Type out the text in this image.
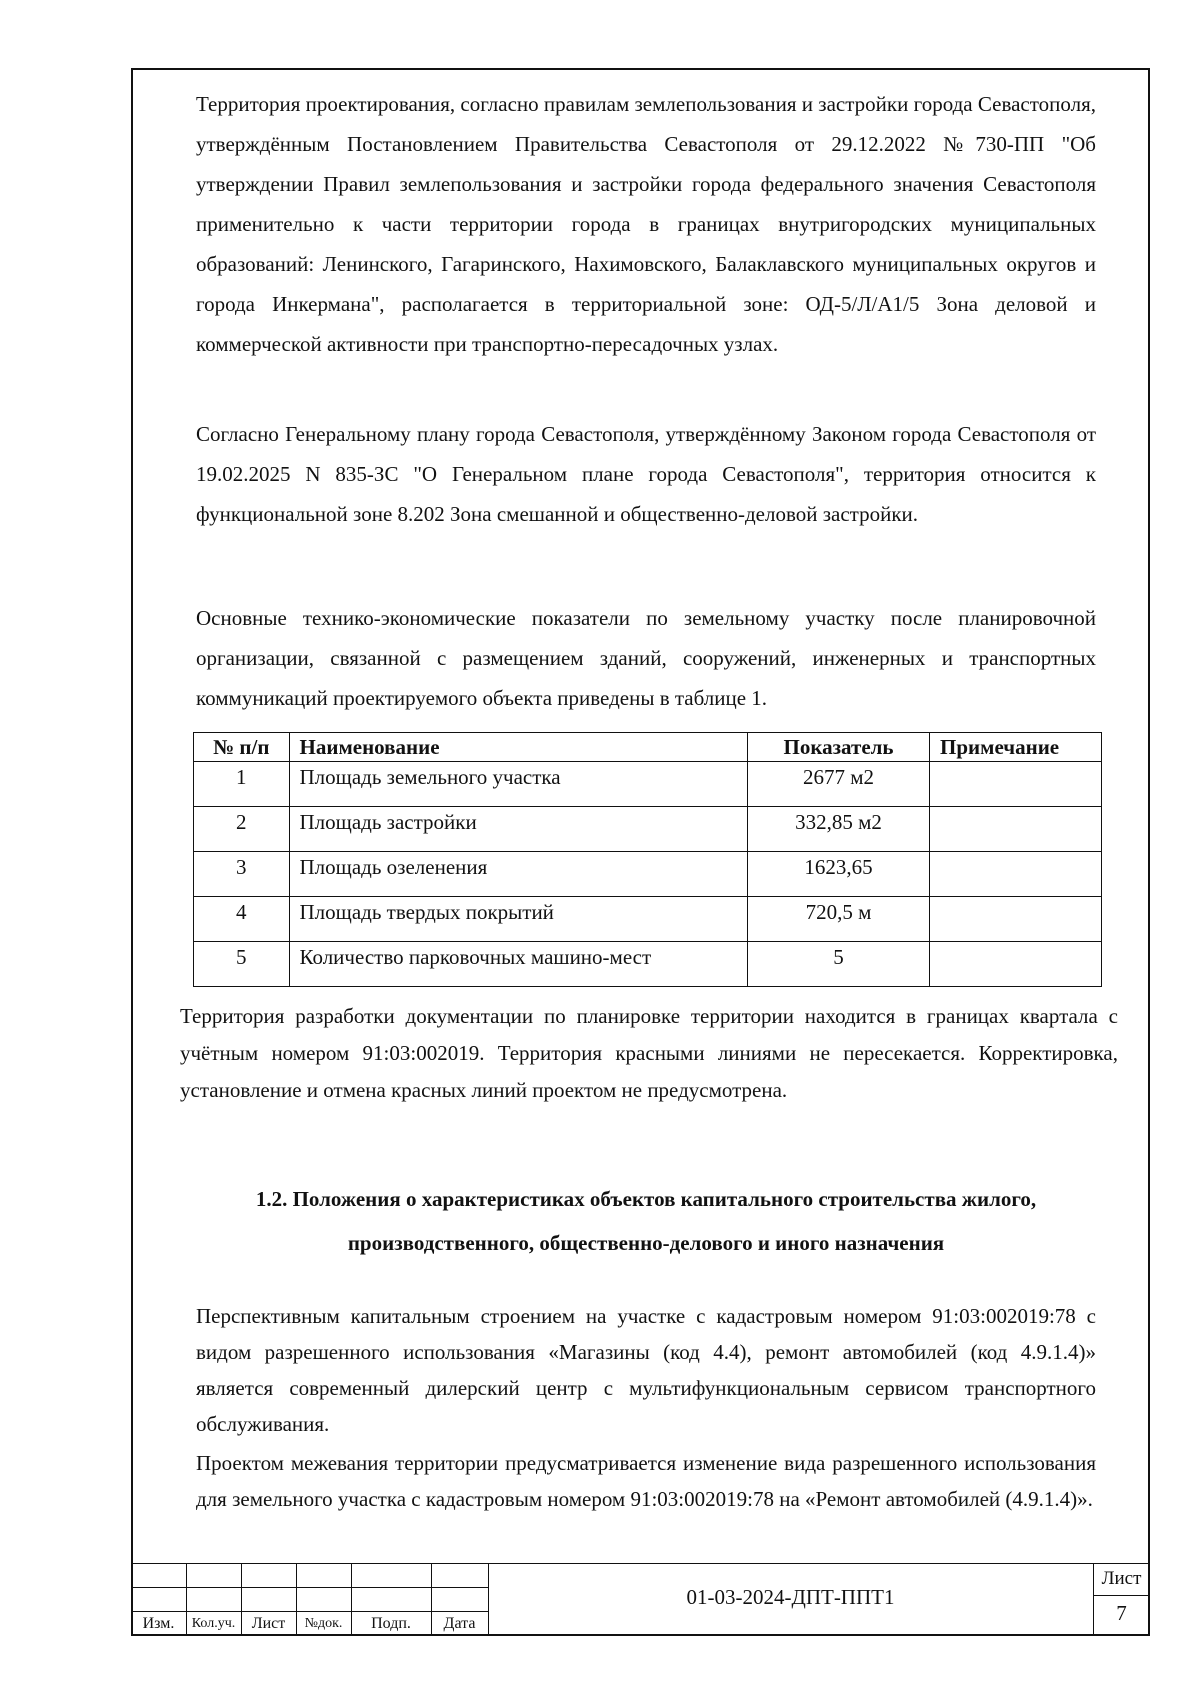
Территория проектирования, согласно правилам землепользования и застройки города Севастополя, утверждённым Постановлением Правительства Севастополя от 29.12.2022 №730-ПП "Об утверждении Правил землепользования и застройки города федерального значения Севастополя применительно к части территории города в границах внутригородских муниципальных образований: Ленинского, Гагаринского, Нахимовского, Балаклавского муниципальных округов и города Инкермана", располагается в территориальной зоне: ОД-5/Л/А1/5 Зона деловой и коммерческой активности при транспортно-пересадочных узлах.

Согласно Генеральному плану города Севастополя, утверждённому Законом города Севастополя от 19.02.2025 N 835-ЗС "О Генеральном плане города Севастополя", территория относится к функциональной зоне 8.202 Зона смешанной и общественно-деловой застройки.

Основные технико-экономические показатели по земельному участку после планировочной организации, связанной с размещением зданий, сооружений, инженерных и транспортных коммуникаций проектируемого объекта приведены в таблице 1.

№ п/п	Наименование	Показатель	Примечание
1	Площадь земельного участка	2677 м2	
2	Площадь застройки	332,85 м2	
3	Площадь озеленения	1623,65	
4	Площадь твердых покрытий	720,5 м	
5	Количество парковочных машино-мест	5	

Территория разработки документации по планировке территории находится в границах квартала с учётным номером 91:03:002019. Территория красными линиями не пересекается. Корректировка, установление и отмена красных линий проектом не предусмотрена.

1.2. Положения о характеристиках объектов капитального строительства жилого,
производственного, общественно-делового и иного назначения

Перспективным капитальным строением на участке с кадастровым номером 91:03:002019:78 с видом разрешенного использования «Магазины (код 4.4), ремонт автомобилей (код 4.9.1.4)» является современный дилерский центр с мультифункциональным сервисом транспортного обслуживания.

Проектом межевания территории предусматривается изменение вида разрешенного использования для земельного участка с кадастровым номером 91:03:002019:78 на «Ремонт автомобилей (4.9.1.4)».

Изм.	Кол.уч.	Лист	№док.	Подп.	Дата
01-03-2024-ДПТ-ППТ1
Лист
7
